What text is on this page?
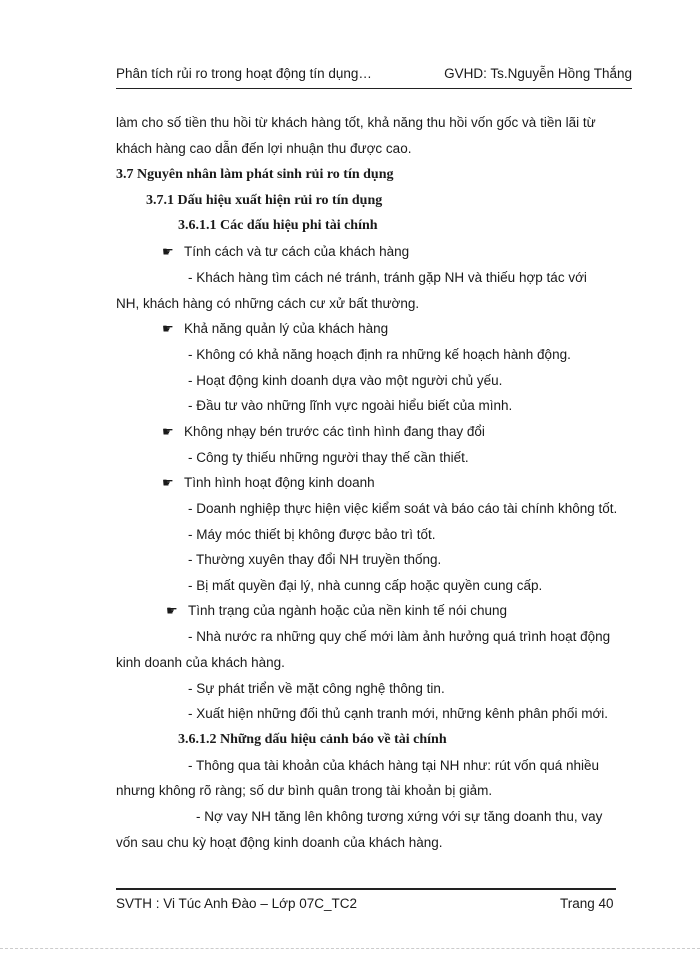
Phân tích rủi ro trong hoạt động tín dụng…	GVHD: Ts.Nguyễn Hồng Thắng
làm cho số tiền thu hồi từ khách hàng tốt, khả năng thu hồi vốn gốc và tiền lãi từ
khách hàng cao dẫn đến lợi nhuận thu được cao.
3.7 Nguyên nhân làm phát sinh rủi ro tín dụng
3.7.1 Dấu hiệu xuất hiện rủi ro tín dụng
3.6.1.1 Các dấu hiệu phi tài chính
☛ Tính cách và tư cách của khách hàng
- Khách hàng tìm cách né tránh, tránh gặp NH và thiếu hợp tác với
NH, khách hàng có những cách cư xử bất thường.
☛ Khả năng quản lý của khách hàng
- Không có khả năng hoạch định ra những kế hoạch hành động.
- Hoạt động kinh doanh dựa vào một người chủ yếu.
- Đầu tư vào những lĩnh vực ngoài hiểu biết của mình.
☛ Không nhạy bén trước các tình hình đang thay đổi
- Công ty thiếu những người thay thế cần thiết.
☛ Tình hình hoạt động kinh doanh
- Doanh nghiệp thực hiện việc kiểm soát và báo cáo tài chính không tốt.
- Máy móc thiết bị không được bảo trì tốt.
- Thường xuyên thay đổi NH truyền thống.
- Bị mất quyền đại lý, nhà cunng cấp hoặc quyền cung cấp.
☛ Tình trạng của ngành hoặc của nền kinh tế nói chung
- Nhà nước ra những quy chế mới làm ảnh hưởng quá trình hoạt động
kinh doanh của khách hàng.
- Sự phát triển về mặt công nghệ thông tin.
- Xuất hiện những đối thủ cạnh tranh mới, những kênh phân phối mới.
3.6.1.2 Những dấu hiệu cảnh báo về tài chính
- Thông qua tài khoản của khách hàng tại NH như: rút vốn quá nhiều
nhưng không rõ ràng; số dư bình quân trong tài khoản bị giảm.
- Nợ vay NH tăng lên không tương xứng với sự tăng doanh thu, vay
vốn sau chu kỳ hoạt động kinh doanh của khách hàng.
SVTH : Vi Túc Anh Đào – Lớp 07C_TC2	Trang 40
